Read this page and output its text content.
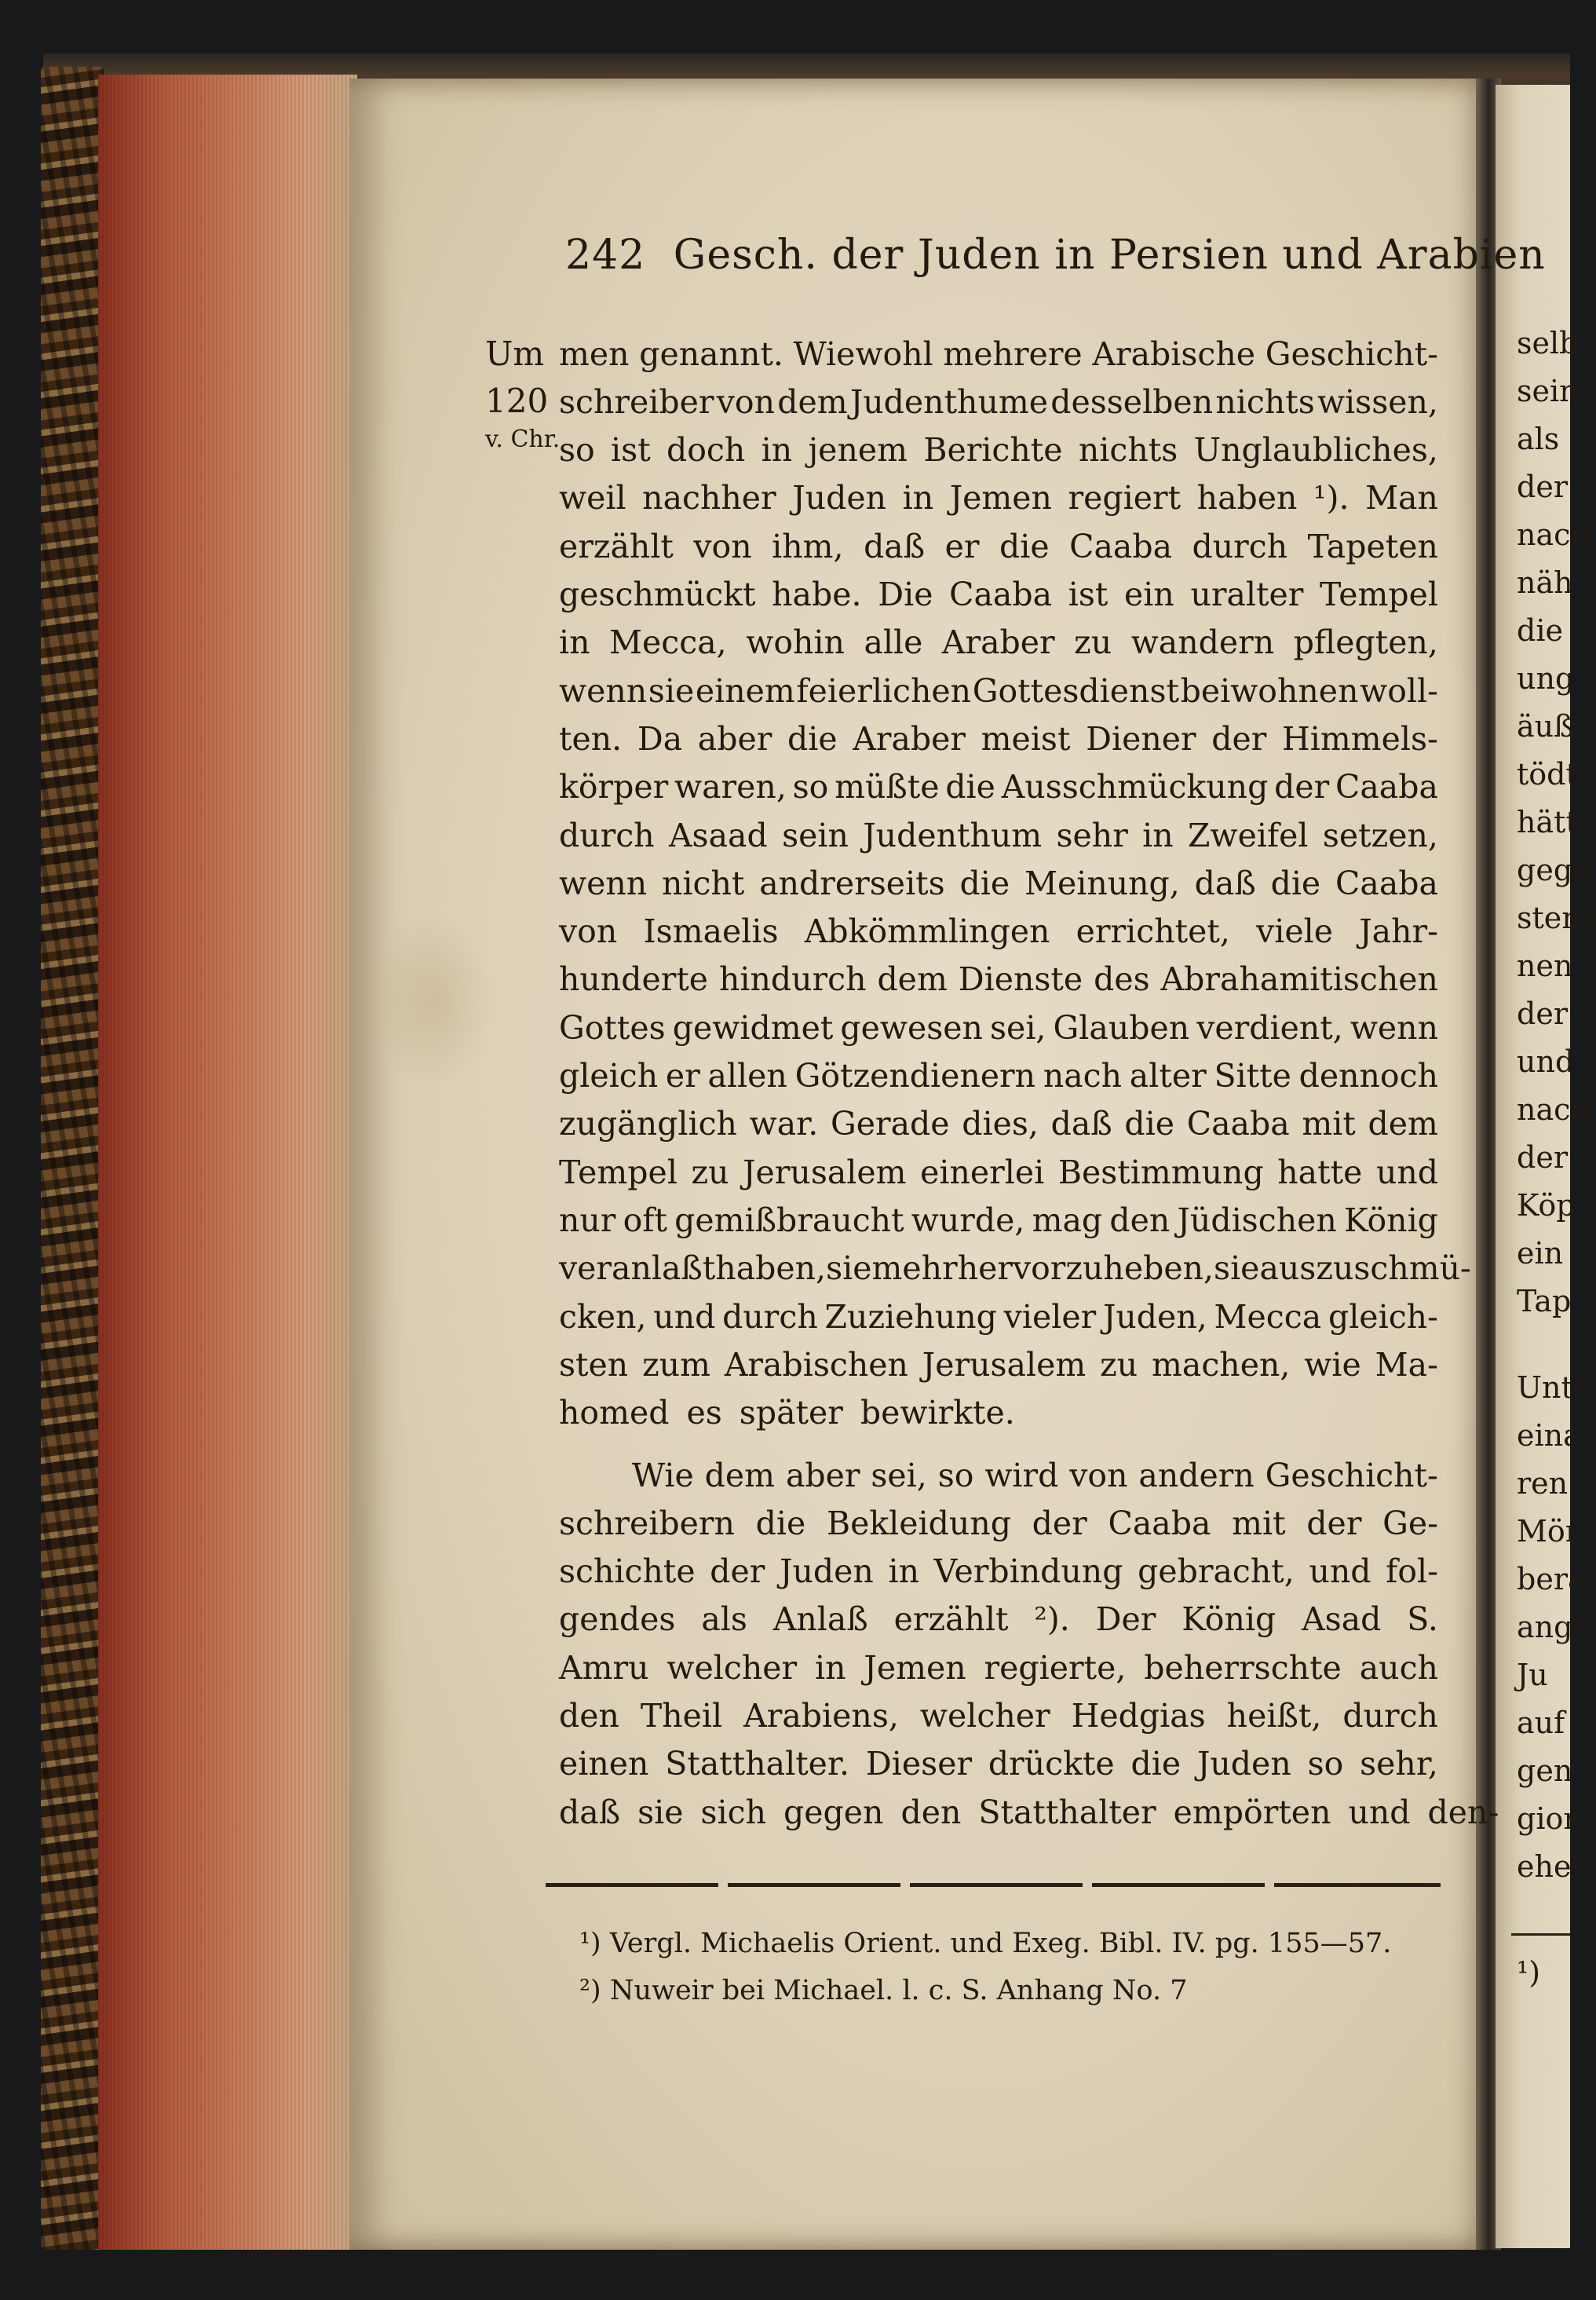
242 Gesch. der Juden in Persien und Arabien
Um
120
v. Chr.
men genannt. Wiewohl mehrere Arabische Geschicht-
schreiber von dem Judenthume desselben nichts wissen,
so ist doch in jenem Berichte nichts Unglaubliches,
weil nachher Juden in Jemen regiert haben ¹). Man
erzählt von ihm, daß er die Caaba durch Tapeten
geschmückt habe. Die Caaba ist ein uralter Tempel
in Mecca, wohin alle Araber zu wandern pflegten,
wenn sie einem feierlichen Gottesdienst beiwohnen woll-
ten. Da aber die Araber meist Diener der Himmels-
körper waren, so müßte die Ausschmückung der Caaba
durch Asaad sein Judenthum sehr in Zweifel setzen,
wenn nicht andrerseits die Meinung, daß die Caaba
von Ismaelis Abkömmlingen errichtet, viele Jahr-
hunderte hindurch dem Dienste des Abrahamitischen
Gottes gewidmet gewesen sei, Glauben verdient, wenn
gleich er allen Götzendienern nach alter Sitte dennoch
zugänglich war. Gerade dies, daß die Caaba mit dem
Tempel zu Jerusalem einerlei Bestimmung hatte und
nur oft gemißbraucht wurde, mag den Jüdischen König
veranlaßt haben, sie mehr hervorzuheben, sie auszuschmü-
cken, und durch Zuziehung vieler Juden, Mecca gleich-
sten zum Arabischen Jerusalem zu machen, wie Ma-
homed es später bewirkte.
Wie dem aber sei, so wird von andern Geschicht-
schreibern die Bekleidung der Caaba mit der Ge-
schichte der Juden in Verbindung gebracht, und fol-
gendes als Anlaß erzählt ²). Der König Asad S.
Amru welcher in Jemen regierte, beherrschte auch
den Theil Arabiens, welcher Hedgias heißt, durch
einen Statthalter. Dieser drückte die Juden so sehr,
daß sie sich gegen den Statthalter empörten und den-
¹) Vergl. Michaelis Orient. und Exeg. Bibl. IV. pg. 155—57.
²) Nuweir bei Michael. l. c. S. Anhang No. 7
selb
sein
als
der
nach
näh
die
ung
äuß
tödt
hätt
gege
stens
nen
der
und
nach
der
Köp
ein
Tap
Unte
einar
ren
Mör
bera
ange
Ju
auf
gen
gion
eher
¹)
